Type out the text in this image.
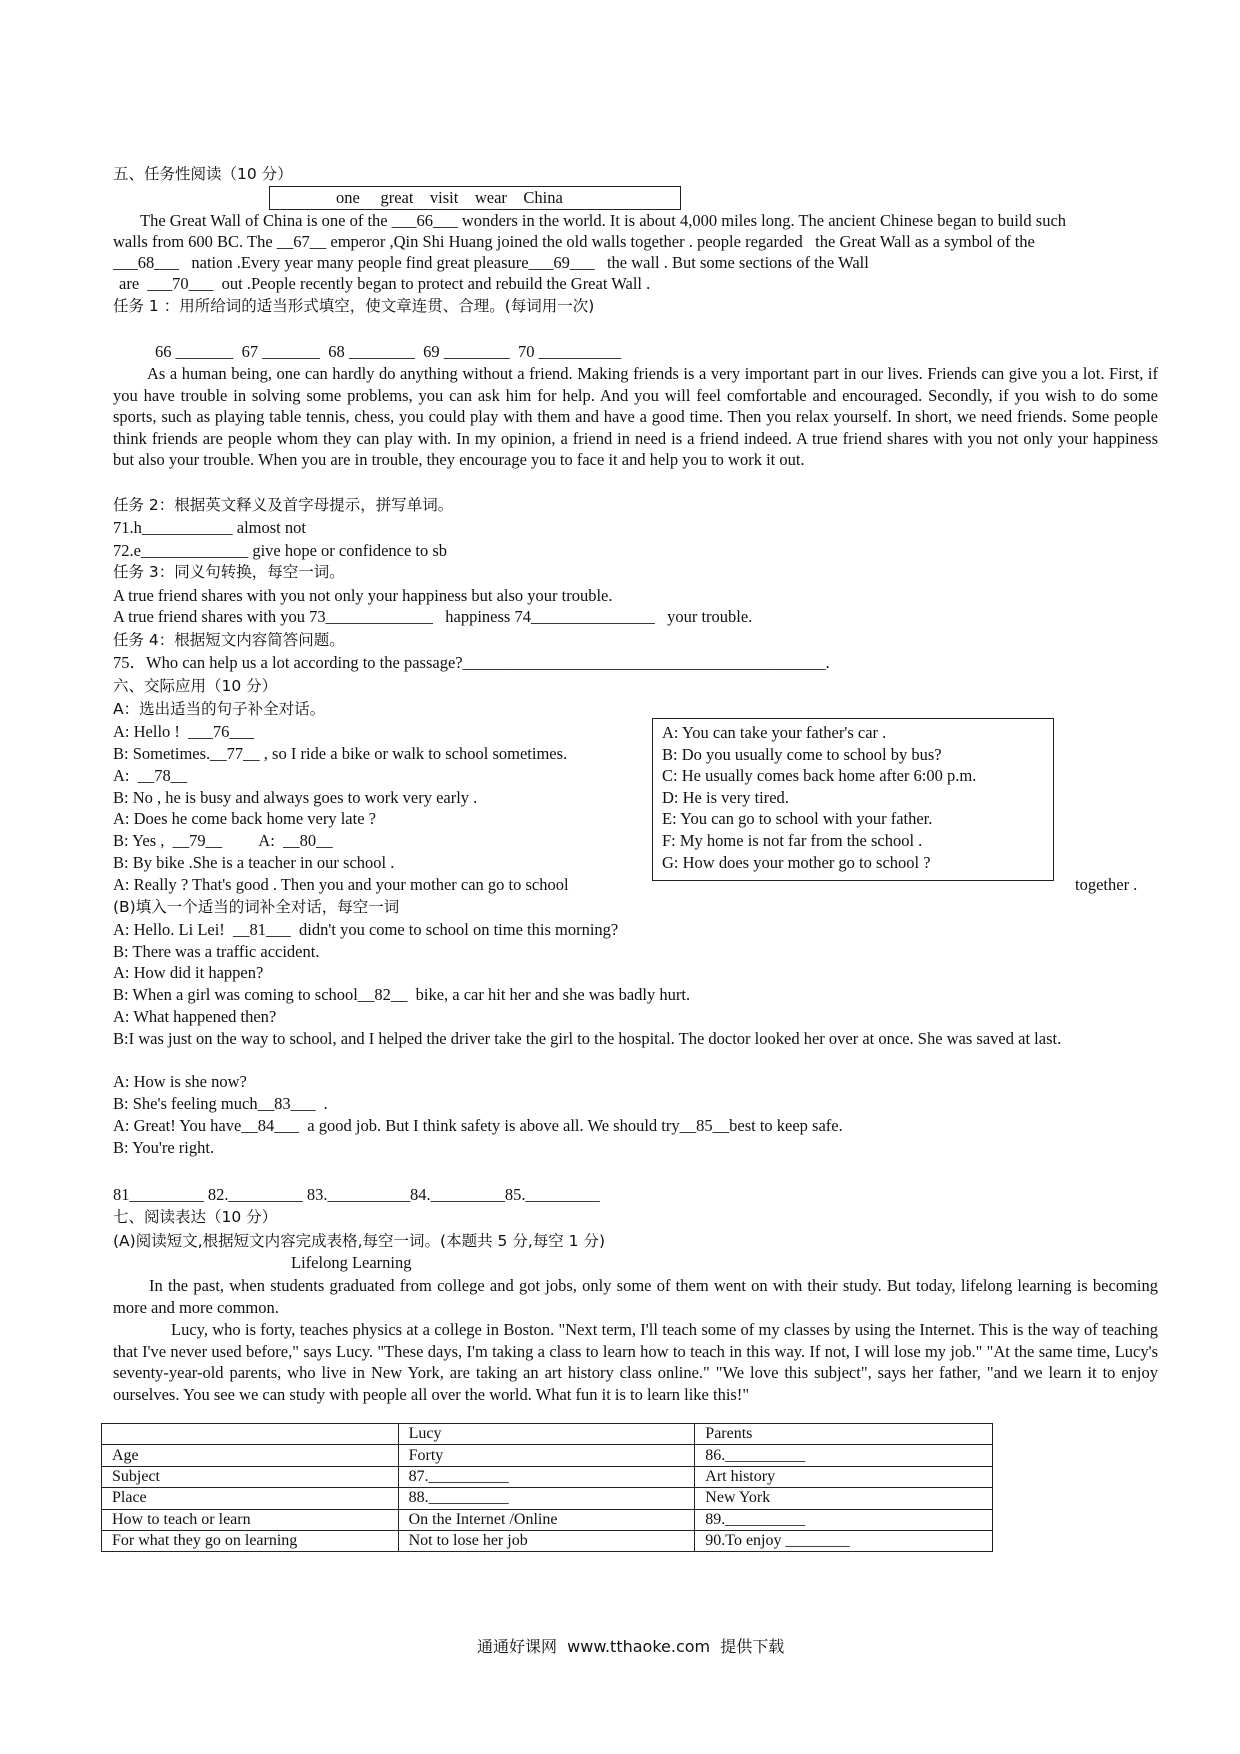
五、任务性阅读（10 分）
one     great    visit    wear    China
The Great Wall of China is one of the ___66___ wonders in the world. It is about 4,000 miles long. The ancient Chinese began to build such
walls from 600 BC. The __67__ emperor ,Qin Shi Huang joined the old walls together . people regarded   the Great Wall as a symbol of the
___68___   nation .Every year many people find great pleasure___69___   the wall . But some sections of the Wall
are  ___70___  out .People recently began to protect and rebuild the Great Wall .
任务 1 ：用所给词的适当形式填空，使文章连贯、合理。(每词用一次)
66 _______  67 _______  68 ________  69 ________  70 __________
As a human being, one can hardly do anything without a friend. Making friends is a very important part in our lives. Friends can give you a lot. First, if you have trouble in solving some problems, you can ask him for help. And you will feel comfortable and encouraged. Secondly, if you wish to do some sports, such as playing table tennis, chess, you could play with them and have a good time. Then you relax yourself. In short, we need friends. Some people think friends are people whom they can play with. In my opinion, a friend in need is a friend indeed. A true friend shares with you not only your happiness but also your trouble. When you are in trouble, they encourage you to face it and help you to work it out.
任务 2：根据英文释义及首字母提示，拼写单词。
71.h___________ almost not
72.e_____________ give hope or confidence to sb
任务 3：同义句转换，每空一词。
A true friend shares with you not only your happiness but also your trouble.
A true friend shares with you 73_____________   happiness 74_______________   your trouble.
任务 4：根据短文内容简答问题。
75．Who can help us a lot according to the passage?____________________________________________.
六、交际应用（10 分）
A：选出适当的句子补全对话。
A: Hello !  ___76___
B: Sometimes.__77__ , so I ride a bike or walk to school sometimes.
A:  __78__
B: No , he is busy and always goes to work very early .
A: Does he come back home very late ?
B: Yes ,  __79__         A:  __80__
B: By bike .She is a teacher in our school .
A: Really ? That's good . Then you and your mother can go to school	together .
A: You can take your father's car .
B: Do you usually come to school by bus?
C: He usually comes back home after 6:00 p.m.
D: He is very tired.
E: You can go to school with your father.
F: My home is not far from the school .
G: How does your mother go to school ?
(B)填入一个适当的词补全对话，每空一词
A: Hello. Li Lei!  __81___  didn't you come to school on time this morning?
B: There was a traffic accident.
A: How did it happen?
B: When a girl was coming to school__82__  bike, a car hit her and she was badly hurt.
A: What happened then?
B:I was just on the way to school, and I helped the driver take the girl to the hospital. The doctor looked her over at once. She was saved at last.
A: How is she now?
B: She's feeling much__83___  .
A: Great! You have__84___  a good job. But I think safety is above all. We should try__85__best to keep safe.
B: You're right.
81_________ 82._________ 83.__________84._________85._________
七、阅读表达（10 分）
(A)阅读短文,根据短文内容完成表格,每空一词。(本题共 5 分,每空 1 分)
Lifelong Learning
In the past, when students graduated from college and got jobs, only some of them went on with their study. But today, lifelong learning is becoming more and more common.
Lucy, who is forty, teaches physics at a college in Boston. "Next term, I'll teach some of my classes by using the Internet. This is the way of teaching that I've never used before," says Lucy. "These days, I'm taking a class to learn how to teach in this way. If not, I will lose my job." "At the same time, Lucy's seventy-year-old parents, who live in New York, are taking an art history class online." "We love this subject", says her father, "and we learn it to enjoy ourselves. You see we can study with people all over the world. What fun it is to learn like this!"
	Lucy	Parents
Age	Forty	86.__________
Subject	87.__________	Art history
Place	88.__________	New York
How to teach or learn	On the Internet /Online	89.__________
For what they go on learning	Not to lose her job	90.To enjoy ________
通通好课网  www.tthaoke.com  提供下载
